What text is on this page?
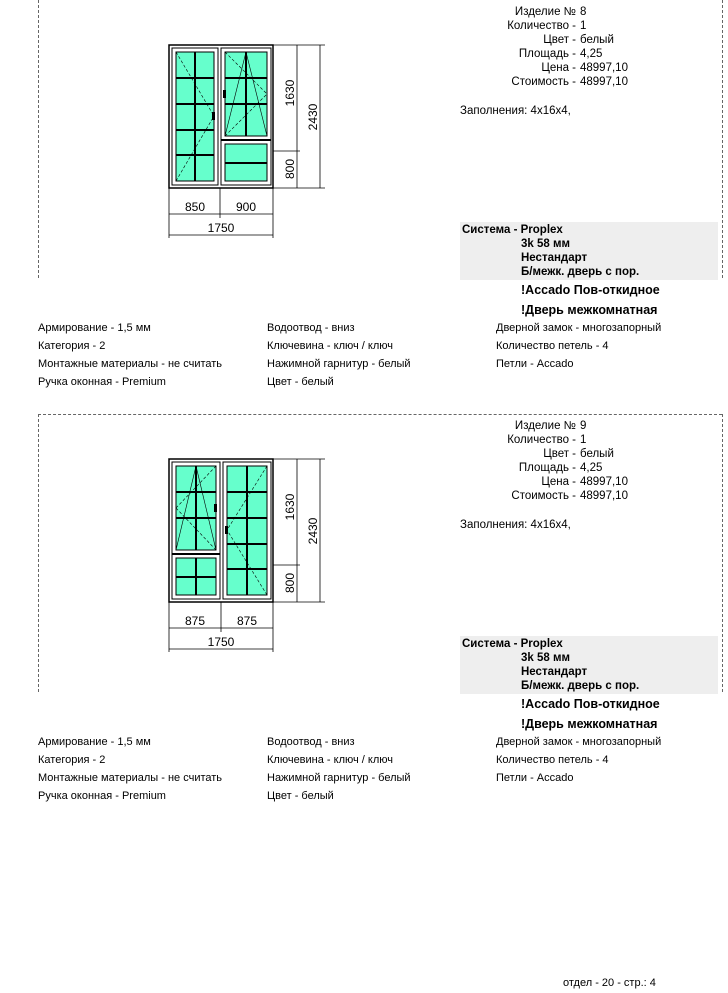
850	900
1750
1630
800
2430
Изделие № 8
Количество - 1
Цвет - белый
Площадь - 4,25
Цена - 48997,10
Стоимость - 48997,10
Заполнения: 4х16х4,
Система - Proplex
3k 58 мм
Нестандарт
Б/межк. дверь с пор.
!Accado Пов-откидное
!Дверь межкомнатная
Армирование - 1,5 мм	Водоотвод - вниз	Дверной замок - многозапорный
Категория - 2	Ключевина - ключ / ключ	Количество петель - 4
Монтажные материалы - не считать	Нажимной гарнитур - белый	Петли - Accado
Ручка оконная - Premium	Цвет - белый
875	875
1750
1630
800
2430
Изделие № 9
Количество - 1
Цвет - белый
Площадь - 4,25
Цена - 48997,10
Стоимость - 48997,10
Заполнения: 4х16х4,
Система - Proplex
3k 58 мм
Нестандарт
Б/межк. дверь с пор.
!Accado Пов-откидное
!Дверь межкомнатная
Армирование - 1,5 мм	Водоотвод - вниз	Дверной замок - многозапорный
Категория - 2	Ключевина - ключ / ключ	Количество петель - 4
Монтажные материалы - не считать	Нажимной гарнитур - белый	Петли - Accado
Ручка оконная - Premium	Цвет - белый
отдел - 20 - стр.: 4
